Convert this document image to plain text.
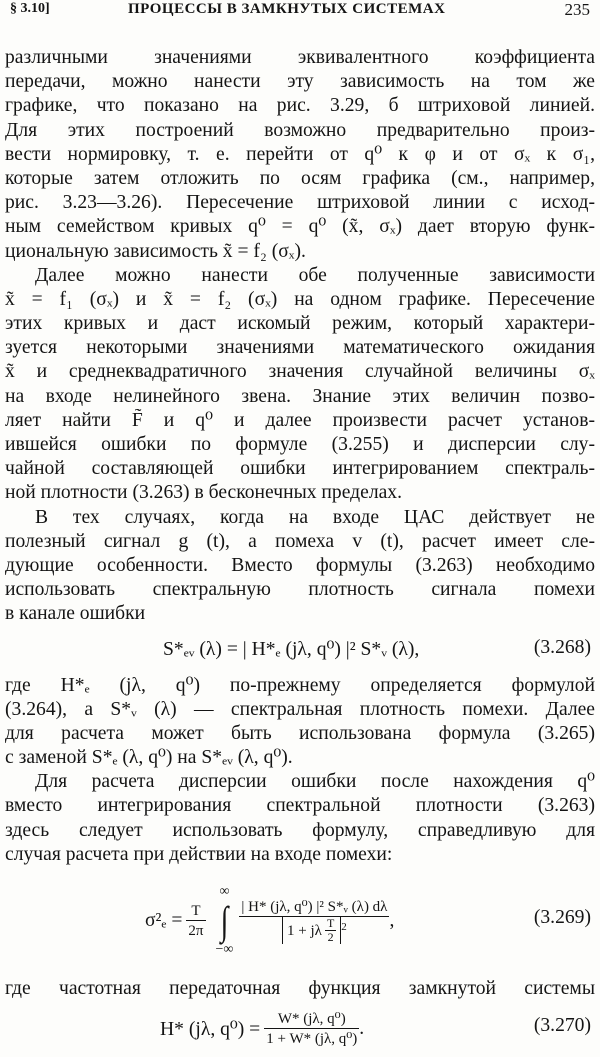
§ 3.10]	ПРОЦЕССЫ В ЗАМКНУТЫХ СИСТЕМАХ	235
различными значениями эквивалентного коэффициента
передачи, можно нанести эту зависимость на том же
графике, что показано на рис. 3.29, б штриховой линией.
Для этих построений возможно предварительно произ-
вести нормировку, т. е. перейти от q⁰ к φ и от σₓ к σ₁,
которые затем отложить по осям графика (см., например,
рис. 3.23—3.26). Пересечение штриховой линии с исход-
ным семейством кривых q⁰ = q⁰ (x̃, σₓ) дает вторую функ-
циональную зависимость x̃ = f₂ (σₓ).
Далее можно нанести обе полученные зависимости
x̃ = f₁ (σₓ) и x̃ = f₂ (σₓ) на одном графике. Пересечение
этих кривых и даст искомый режим, который характери-
зуется некоторыми значениями математического ожидания
x̃ и среднеквадратичного значения случайной величины σₓ
на входе нелинейного звена. Знание этих величин позво-
ляет найти F̃ и q⁰ и далее произвести расчет установ-
ившейся ошибки по формуле (3.255) и дисперсии слу-
чайной составляющей ошибки интегрированием спектраль-
ной плотности (3.263) в бесконечных пределах.
В тех случаях, когда на входе ЦАС действует не
полезный сигнал g (t), а помеха v (t), расчет имеет сле-
дующие особенности. Вместо формулы (3.263) необходимо
использовать спектральную плотность сигнала помехи
в канале ошибки
S*ₑᵥ (λ) = | H*ₑ (jλ, q⁰) |² S*ᵥ (λ),	(3.268)
где H*ₑ (jλ, q⁰) по-прежнему определяется формулой
(3.264), а S*ᵥ (λ) — спектральная плотность помехи. Далее
для расчета может быть использована формула (3.265)
с заменой S*ₑ (λ, q⁰) на S*ₑᵥ (λ, q⁰).
Для расчета дисперсии ошибки после нахождения q⁰
вместо интегрирования спектральной плотности (3.263)
здесь следует использовать формулу, справедливую для
случая расчета при действии на входе помехи:
$\sigma^2_e = \frac{T}{2\pi}$
∞
∫
−∞
| H* (jλ, q⁰) |² S*ᵥ (λ) dλ
1 + jλ $\frac{T}{2} ^2$ ,	(3.269)
где частотная передаточная функция замкнутой системы
H* (jλ, $q^0) = \frac{\text{W* (jλ, q⁰)}}{\text{1 + W* (jλ, q⁰)}}$ .	(3.270)
